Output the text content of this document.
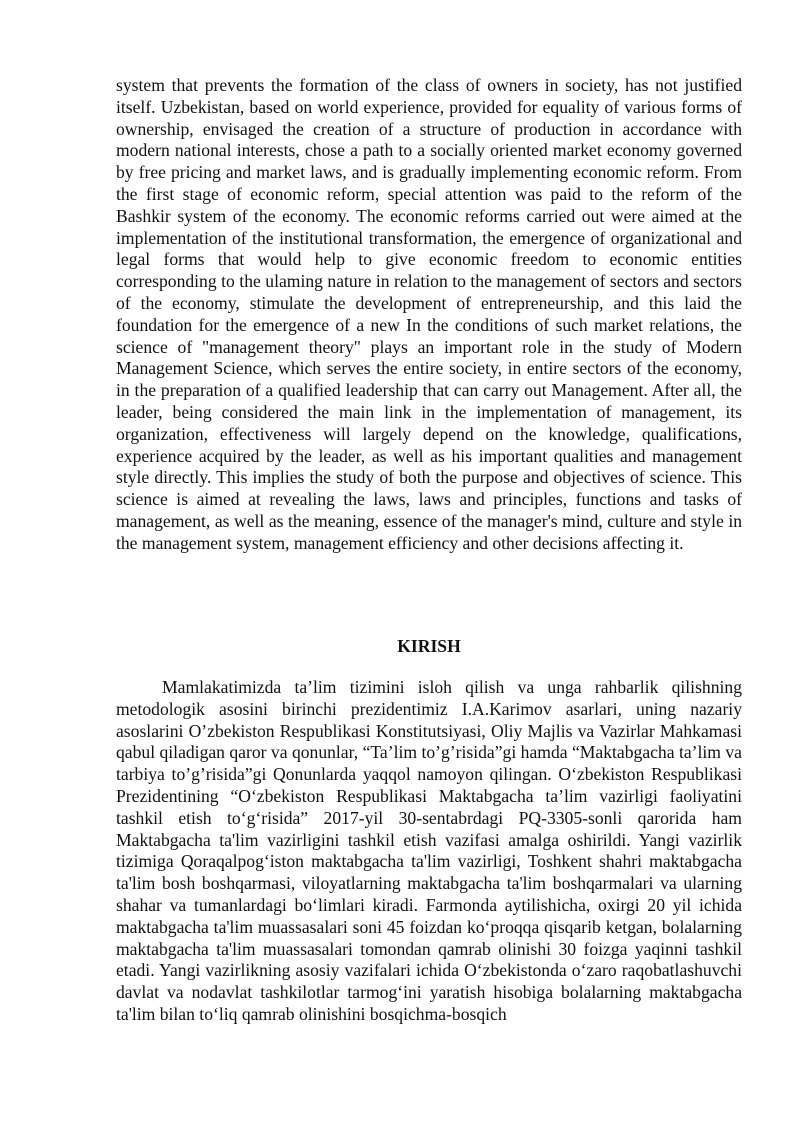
system that prevents the formation of the class of owners in society, has not justified itself. Uzbekistan, based on world experience, provided for equality of various forms of ownership, envisaged the creation of a structure of production in accordance with modern national interests, chose a path to a socially oriented market economy governed by free pricing and market laws, and is gradually implementing economic reform. From the first stage of economic reform, special attention was paid to the reform of the Bashkir system of the economy. The economic reforms carried out were aimed at the implementation of the institutional transformation, the emergence of organizational and legal forms that would help to give economic freedom to economic entities corresponding to the ulaming nature in relation to the management of sectors and sectors of the economy, stimulate the development of entrepreneurship, and this laid the foundation for the emergence of a new In the conditions of such market relations, the science of "management theory" plays an important role in the study of Modern Management Science, which serves the entire society, in entire sectors of the economy, in the preparation of a qualified leadership that can carry out Management. After all, the leader, being considered the main link in the implementation of management, its organization, effectiveness will largely depend on the knowledge, qualifications, experience acquired by the leader, as well as his important qualities and management style directly. This implies the study of both the purpose and objectives of science. This science is aimed at revealing the laws, laws and principles, functions and tasks of management, as well as the meaning, essence of the manager's mind, culture and style in the management system, management efficiency and other decisions affecting it.

KIRISH

Mamlakatimizda ta’lim tizimini isloh qilish va unga rahbarlik qilishning metodologik asosini birinchi prezidentimiz I.A.Karimov asarlari, uning nazariy asoslarini O’zbekiston Respublikasi Konstitutsiyasi, Oliy Majlis va Vazirlar Mahkamasi qabul qiladigan qaror va qonunlar, “Ta’lim to’g’risida”gi hamda “Maktabgacha ta’lim va tarbiya to’g’risida”gi Qonunlarda yaqqol namoyon qilingan. O‘zbekiston Respublikasi Prezidentining “O‘zbekiston Respublikasi Maktabgacha ta’lim vazirligi faoliyatini tashkil etish to‘g‘risida” 2017-yil 30-sentabrdagi PQ-3305-sonli qarorida ham Maktabgacha ta'lim vazirligini tashkil etish vazifasi amalga oshirildi. Yangi vazirlik tizimiga Qoraqalpog‘iston maktabgacha ta'lim vazirligi, Toshkent shahri maktabgacha ta'lim bosh boshqarmasi, viloyatlarning maktabgacha ta'lim boshqarmalari va ularning shahar va tumanlardagi bo‘limlari kiradi. Farmonda aytilishicha, oxirgi 20 yil ichida maktabgacha ta'lim muassasalari soni 45 foizdan ko‘proqqa qisqarib ketgan, bolalarning maktabgacha ta'lim muassasalari tomondan qamrab olinishi 30 foizga yaqinni tashkil etadi. Yangi vazirlikning asosiy vazifalari ichida O‘zbekistonda o‘zaro raqobatlashuvchi davlat va nodavlat tashkilotlar tarmog‘ini yaratish hisobiga bolalarning maktabgacha ta'lim bilan to‘liq qamrab olinishini bosqichma-bosqich
